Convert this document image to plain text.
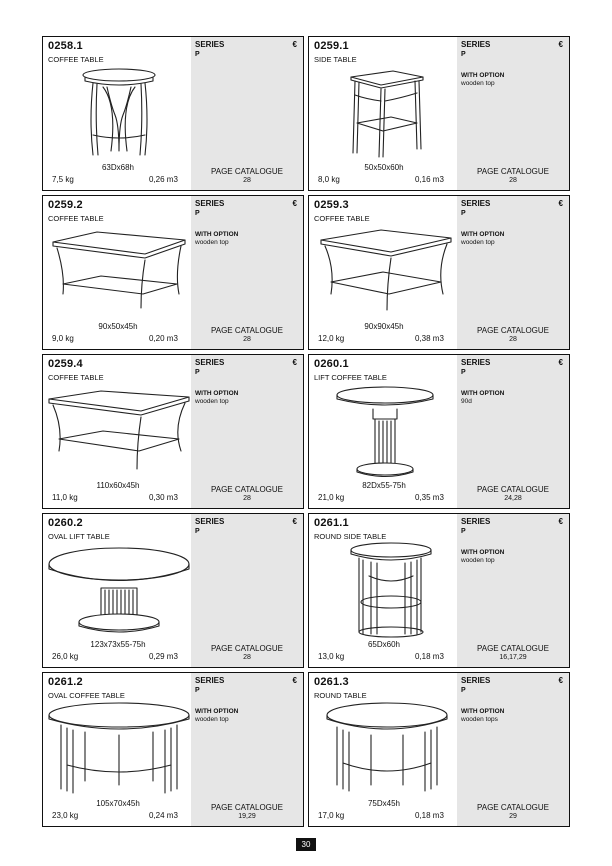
0258.1
COFFEE TABLE
63Dx68h
7,5 kg	0,26 m3
SERIES
P
€
PAGE CATALOGUE
28
0259.1
SIDE TABLE
50x50x60h
8,0 kg	0,16 m3
SERIES
P
€
WITH OPTION
wooden top
PAGE CATALOGUE
28
0259.2
COFFEE TABLE
90x50x45h
9,0 kg	0,20 m3
SERIES
P
€
WITH OPTION
wooden top
PAGE CATALOGUE
28
0259.3
COFFEE TABLE
90x90x45h
12,0 kg	0,38 m3
SERIES
P
€
WITH OPTION
wooden top
PAGE CATALOGUE
28
0259.4
COFFEE TABLE
110x60x45h
11,0 kg	0,30 m3
SERIES
P
€
WITH OPTION
wooden top
PAGE CATALOGUE
28
0260.1
LIFT COFFEE TABLE
82Dx55-75h
21,0 kg	0,35 m3
SERIES
P
€
WITH OPTION
90d
PAGE CATALOGUE
24,28
0260.2
OVAL LIFT TABLE
123x73x55-75h
26,0 kg	0,29 m3
SERIES
P
€
PAGE CATALOGUE
28
0261.1
ROUND SIDE TABLE
65Dx60h
13,0 kg	0,18 m3
SERIES
P
€
WITH OPTION
wooden top
PAGE CATALOGUE
16,17,29
0261.2
OVAL COFFEE TABLE
105x70x45h
23,0 kg	0,24 m3
SERIES
P
€
WITH OPTION
wooden top
PAGE CATALOGUE
19,29
0261.3
ROUND TABLE
75Dx45h
17,0 kg	0,18 m3
SERIES
P
€
WITH OPTION
wooden tops
PAGE CATALOGUE
29
30
